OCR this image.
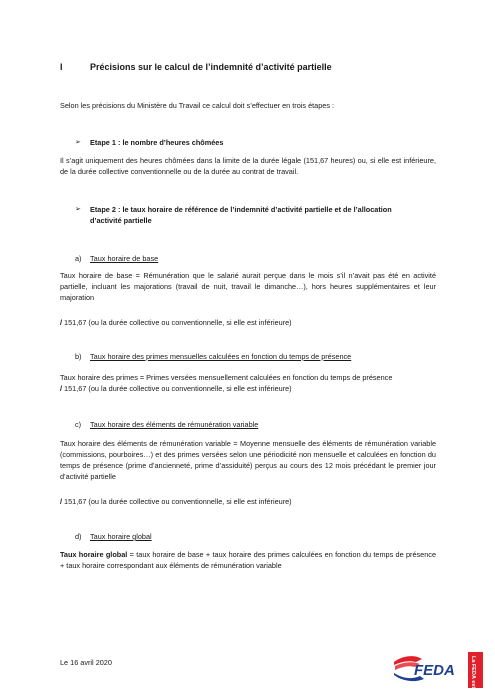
I	Précisions sur le calcul de l’indemnité d’activité partielle
Selon les précisions du Ministère du Travail ce calcul doit s’effectuer en trois étapes :
➢ Etape 1 : le nombre d’heures chômées
Il s’agit uniquement des heures chômées dans la limite de la durée légale (151,67 heures) ou, si elle est inférieure, de la durée collective conventionnelle ou de la durée au contrat de travail.
➢ Etape 2 : le taux horaire de référence de l’indemnité d’activité partielle et de l’allocation d’activité partielle
a) Taux horaire de base
Taux horaire de base = Rémunération que le salarié aurait perçue dans le mois s’il n’avait pas été en activité partielle, incluant les majorations (travail de nuit, travail le dimanche…), hors heures supplémentaires et leur majoration
/ 151,67 (ou la durée collective ou conventionnelle, si elle est inférieure)
b) Taux horaire des primes mensuelles calculées en fonction du temps de présence
Taux horaire des primes = Primes versées mensuellement calculées en fonction du temps de présence
/ 151,67 (ou la durée collective ou conventionnelle, si elle est inférieure)
c) Taux horaire des éléments de rémunération variable
Taux horaire des éléments de rémunération variable = Moyenne mensuelle des éléments de rémunération variable (commissions, pourboires…) et des primes versées selon une périodicité non mensuelle et calculées en fonction du temps de présence (prime d’ancienneté, prime d’assiduité) perçus au cours des 12 mois précédant le premier jour d’activité partielle
/ 151,67 (ou la durée collective ou conventionnelle, si elle est inférieure)
d) Taux horaire global
Taux horaire global = taux horaire de base + taux horaire des primes calculées en fonction du temps de présence + taux horaire correspondant aux éléments de rémunération variable
Le 16 avril 2020	FEDA	La FEDA est LÀ
